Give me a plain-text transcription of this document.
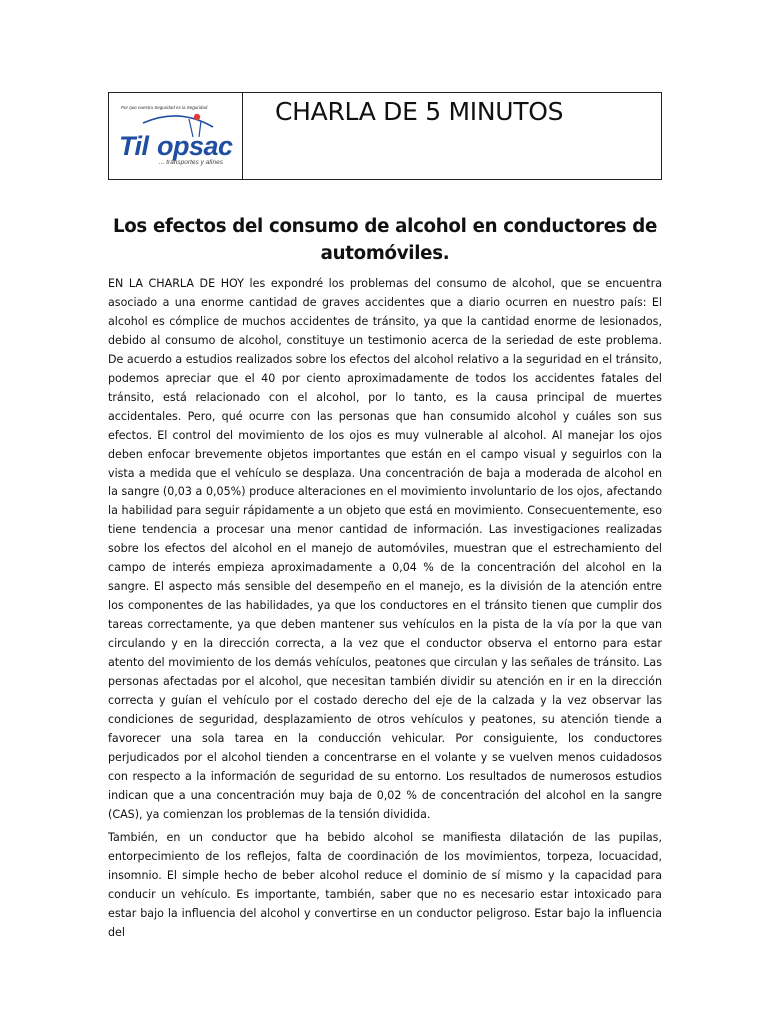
Por que nuestra Seguridad es la Seguridad
Til o psac
... transportes y afines
CHARLA DE 5 MINUTOS
Los efectos del consumo de alcohol en conductores de automóviles.

EN LA CHARLA DE HOY les expondré los problemas del consumo de alcohol, que se encuentra asociado a una enorme cantidad de graves accidentes que a diario ocurren en nuestro país: El alcohol es cómplice de muchos accidentes de tránsito, ya que la cantidad enorme de lesionados, debido al consumo de alcohol, constituye un testimonio acerca de la seriedad de este problema. De acuerdo a estudios realizados sobre los efectos del alcohol relativo a la seguridad en el tránsito, podemos apreciar que el 40 por ciento aproximadamente de todos los accidentes fatales del tránsito, está relacionado con el alcohol, por lo tanto, es la causa principal de muertes accidentales. Pero, qué ocurre con las personas que han consumido alcohol y cuáles son sus efectos. El control del movimiento de los ojos es muy vulnerable al alcohol. Al manejar los ojos deben enfocar brevemente objetos importantes que están en el campo visual y seguirlos con la vista a medida que el vehículo se desplaza. Una concentración de baja a moderada de alcohol en la sangre (0,03 a 0,05%) produce alteraciones en el movimiento involuntario de los ojos, afectando la habilidad para seguir rápidamente a un objeto que está en movimiento. Consecuentemente, eso tiene tendencia a procesar una menor cantidad de información. Las investigaciones realizadas sobre los efectos del alcohol en el manejo de automóviles, muestran que el estrechamiento del campo de interés empieza aproximadamente a 0,04 % de la concentración del alcohol en la sangre. El aspecto más sensible del desempeño en el manejo, es la división de la atención entre los componentes de las habilidades, ya que los conductores en el tránsito tienen que cumplir dos tareas correctamente, ya que deben mantener sus vehículos en la pista de la vía por la que van circulando y en la dirección correcta, a la vez que el conductor observa el entorno para estar atento del movimiento de los demás vehículos, peatones que circulan y las señales de tránsito. Las personas afectadas por el alcohol, que necesitan también dividir su atención en ir en la dirección correcta y guían el vehículo por el costado derecho del eje de la calzada y la vez observar las condiciones de seguridad, desplazamiento de otros vehículos y peatones, su atención tiende a favorecer una sola tarea en la conducción vehicular. Por consiguiente, los conductores perjudicados por el alcohol tienden a concentrarse en el volante y se vuelven menos cuidadosos con respecto a la información de seguridad de su entorno. Los resultados de numerosos estudios indican que a una concentración muy baja de 0,02 % de concentración del alcohol en la sangre (CAS), ya comienzan los problemas de la tensión dividida.

También, en un conductor que ha bebido alcohol se manifiesta dilatación de las pupilas, entorpecimiento de los reflejos, falta de coordinación de los movimientos, torpeza, locuacidad, insomnio. El simple hecho de beber alcohol reduce el dominio de sí mismo y la capacidad para conducir un vehículo. Es importante, también, saber que no es necesario estar intoxicado para estar bajo la influencia del alcohol y convertirse en un conductor peligroso. Estar bajo la influencia del
